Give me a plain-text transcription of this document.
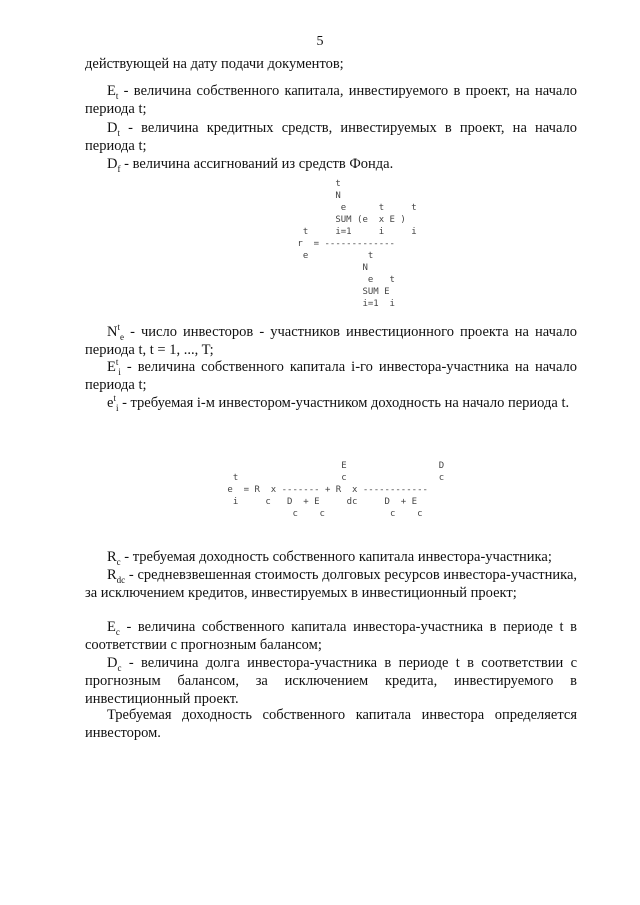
5

действующей на дату подачи документов;

$E_t$ - величина собственного капитала, инвестируемого в проект, на начало периода t;

$D_t$ - величина кредитных средств, инвестируемых в проект, на начало периода t;

$D_f$ - величина ассигнований из средств Фонда.

t
N
e      t     t
SUM (e  x E )
t     i=1     i     i
r  = -------------
e           t
N
e   t
SUM E
i=1  i

$N^t_e$ - число инвесторов - участников инвестиционного проекта на начало периода t, t = 1, ..., T;

$E^t_i$ - величина собственного капитала i-го инвестора-участника на начало периода t;

$e^t_i$ - требуемая i-м инвестором-участником доходность на начало периода t.

E                 D
t                   c                 c
e  = R  x ------- + R  x ------------
i     c   D  + E     dc     D  + E
c    c            c    c

$R_c$ - требуемая доходность собственного капитала инвестора-участника;

$R_{dc}$ - средневзвешенная стоимость долговых ресурсов инвестора-участника, за исключением кредитов, инвестируемых в инвестиционный проект;

$E_c$ - величина собственного капитала инвестора-участника в периоде t в соответствии с прогнозным балансом;

$D_c$ - величина долга инвестора-участника в периоде t в соответствии с прогнозным балансом, за исключением кредита, инвестируемого в инвестиционный проект.

Требуемая доходность собственного капитала инвестора определяется инвестором.
